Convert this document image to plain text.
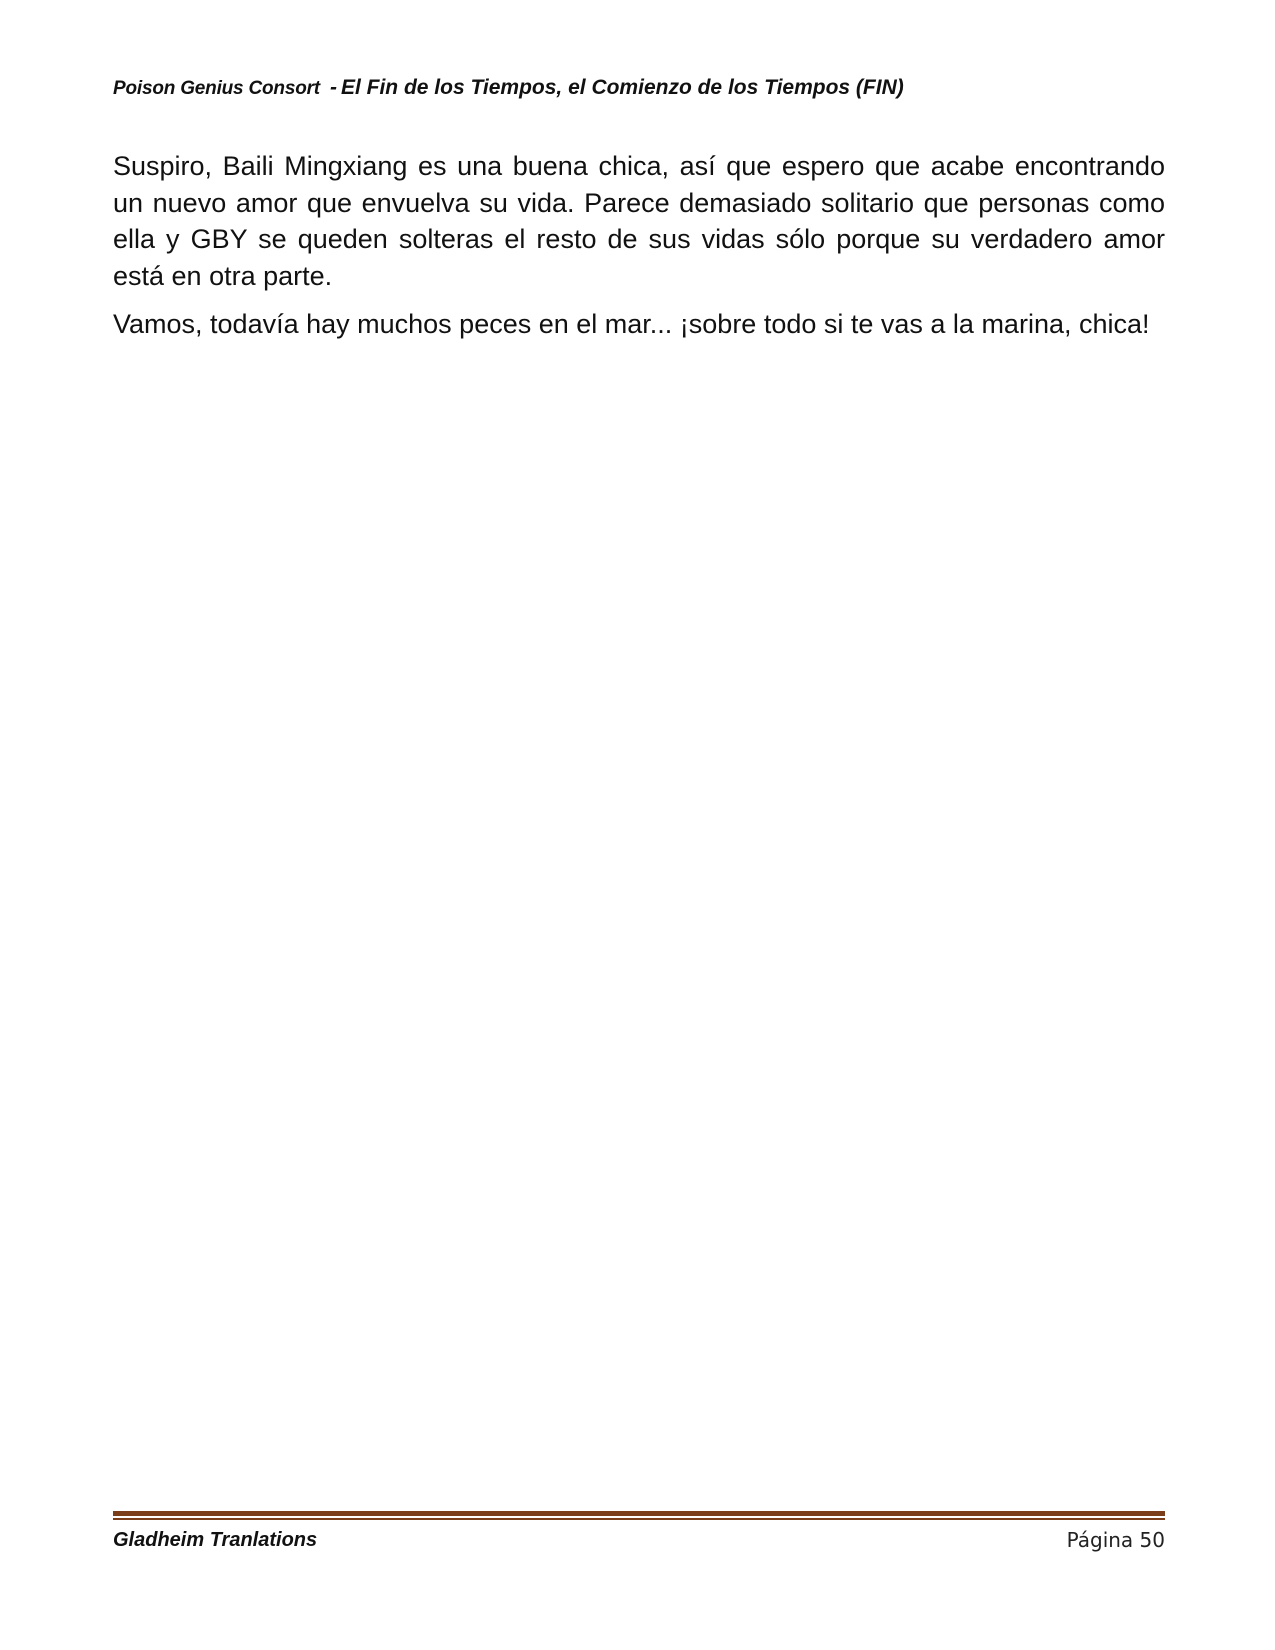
Poison Genius Consort - El Fin de los Tiempos, el Comienzo de los Tiempos (FIN)

Suspiro, Baili Mingxiang es una buena chica, así que espero que acabe encontrando un nuevo amor que envuelva su vida. Parece demasiado solitario que personas como ella y GBY se queden solteras el resto de sus vidas sólo porque su verdadero amor está en otra parte.

Vamos, todavía hay muchos peces en el mar... ¡sobre todo si te vas a la marina, chica!

Gladheim Tranlations	Página 50
